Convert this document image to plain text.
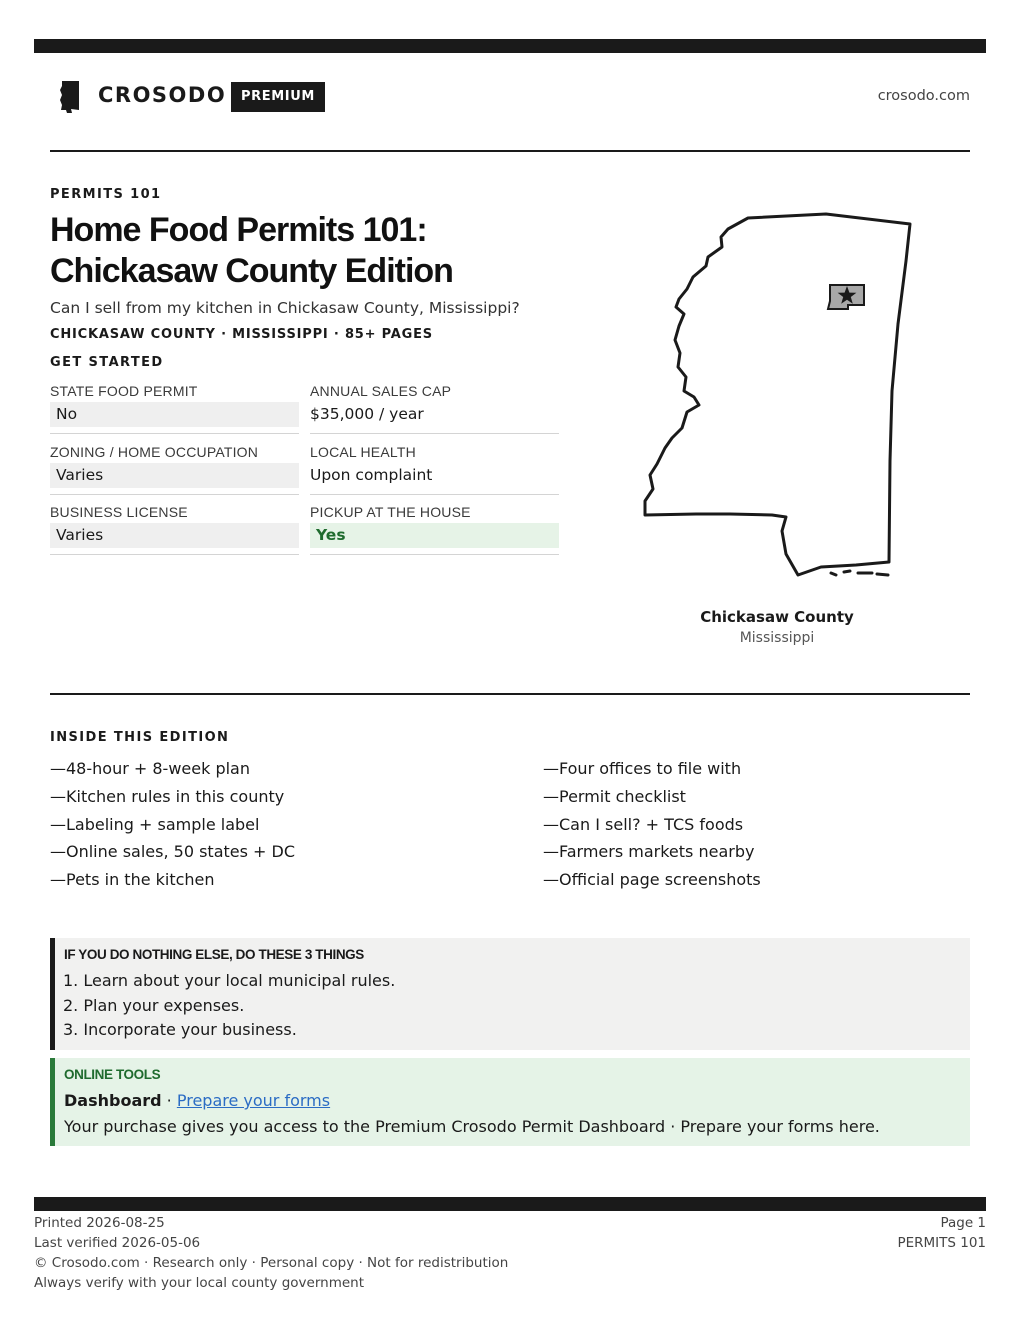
CROSODO	PREMIUM	crosodo.com
PERMITS 101
Home Food Permits 101:
Chickasaw County Edition
Can I sell from my kitchen in Chickasaw County, Mississippi?
CHICKASAW COUNTY · MISSISSIPPI · 85+ PAGES
GET STARTED
STATE FOOD PERMIT
No
ANNUAL SALES CAP
$35,000 / year
ZONING / HOME OCCUPATION
Varies
LOCAL HEALTH
Upon complaint
BUSINESS LICENSE
Varies
PICKUP AT THE HOUSE
Yes
Chickasaw County
Mississippi
INSIDE THIS EDITION
—48-hour + 8-week plan
—Kitchen rules in this county
—Labeling + sample label
—Online sales, 50 states + DC
—Pets in the kitchen
—Four offices to file with
—Permit checklist
—Can I sell? + TCS foods
—Farmers markets nearby
—Official page screenshots
IF YOU DO NOTHING ELSE, DO THESE 3 THINGS
1. Learn about your local municipal rules.
2. Plan your expenses.
3. Incorporate your business.
ONLINE TOOLS
Dashboard · Prepare your forms
Your purchase gives you access to the Premium Crosodo Permit Dashboard · Prepare your forms here.
Printed 2026-08-25
Last verified 2026-05-06
© Crosodo.com · Research only · Personal copy · Not for redistribution
Always verify with your local county government
Page 1
PERMITS 101
